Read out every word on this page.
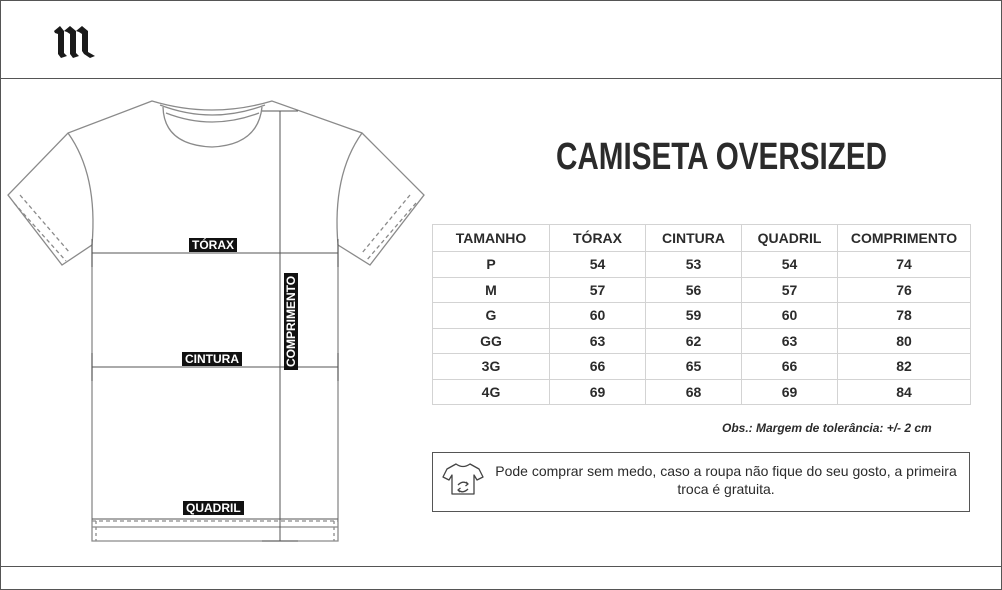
TÓRAX
CINTURA
QUADRIL
COMPRIMENTO
CAMISETA OVERSIZED
TAMANHO	TÓRAX	CINTURA	QUADRIL	COMPRIMENTO
P	54	53	54	74
M	57	56	57	76
G	60	59	60	78
GG	63	62	63	80
3G	66	65	66	82
4G	69	68	69	84
Obs.: Margem de tolerância: +/- 2 cm
Pode comprar sem medo, caso a roupa não fique do seu gosto, a primeira troca é gratuita.
